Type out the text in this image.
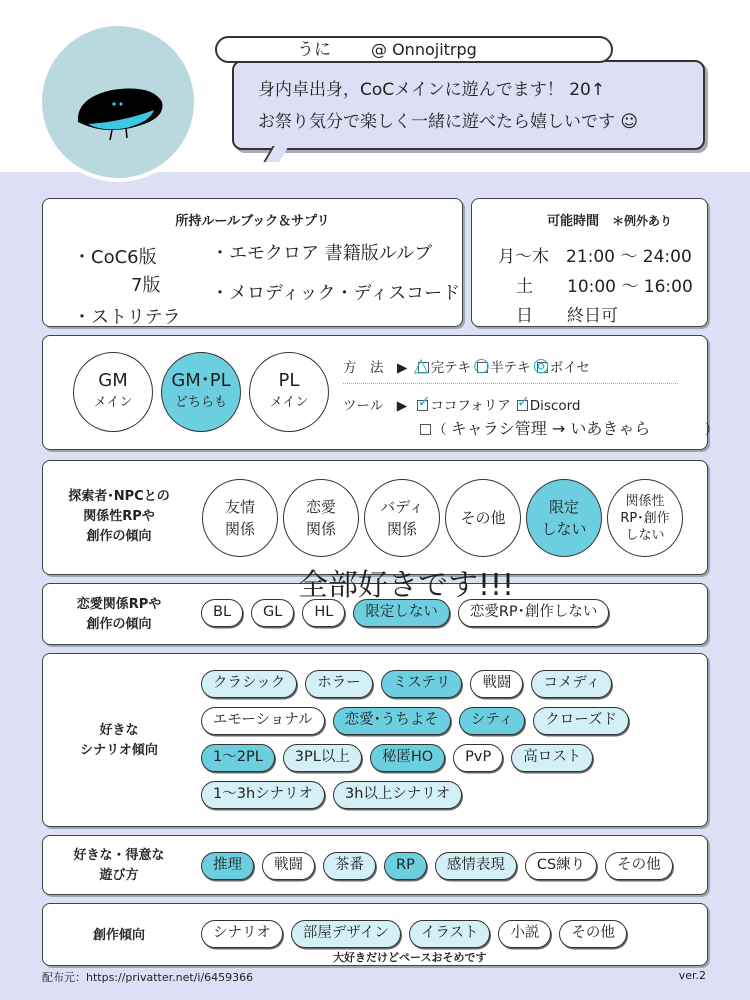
うに	@ Onnojitrpg
身内卓出身，CoCメインに遊んでます！ 20↑
お祭り気分で楽しく一緒に遊べたら嬉しいです ☺
所持ルールブック＆サプリ
・CoC6版
7版
・ストリテラ
・エモクロア 書籍版ルルブ
・メロディック・ディスコード
可能時間　 ＊例外あり
月〜木　 21:00 〜 24:00
土　　 10:00 〜 16:00
日　　 終日可
方　法　▶ △ 完テキ ○ 半テキ ◎ ボイセ
ツール　▶ ✓ ココフォリア ✓ Discord
（ キャラシ管理 → いあきゃら	）
GM
メイン
GM･PL
どちらも
PL
メイン
探索者･NPCとの
関係性RPや
創作の傾向
友情
関係
恋愛
関係
バディ
関係
その他
限定
しない
関係性
RP･創作
しない
全部好きです!!!
配布元：https://privatter.net/i/6459366	ver.2
恋愛関係RPや
創作の傾向
BL	GL	HL	限定しない	恋愛RP･創作しない
好きな
シナリオ傾向
クラシック	ホラー	ミステリ	戦闘	コメディ
エモーショナル	恋愛･うちよそ	シティ	クローズド
1〜2PL	3PL以上	秘匿HO	PvP	高ロスト
1〜3hシナリオ	3h以上シナリオ
好きな・得意な
遊び方
推理	戦闘	茶番	RP	感情表現	CS練り	その他
創作傾向	シナリオ	部屋デザイン	イラスト	小説	その他
大好きだけどペースおそめです
